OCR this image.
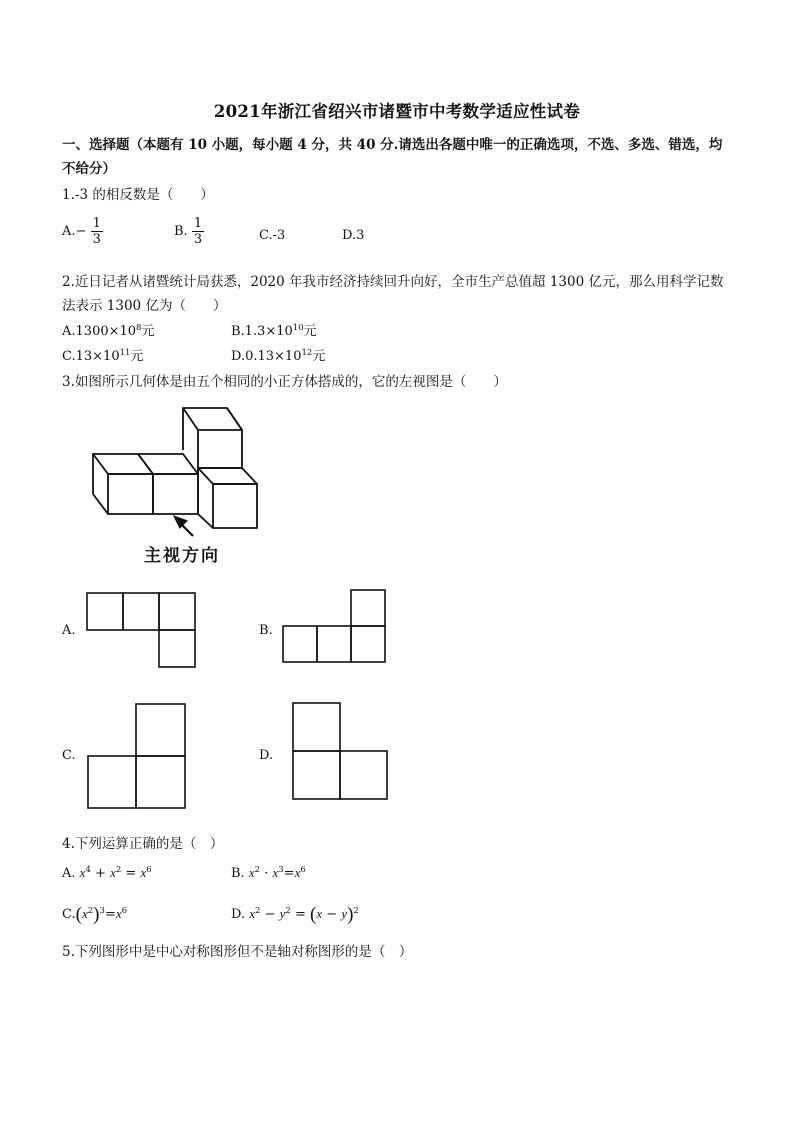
2021年浙江省绍兴市诸暨市中考数学适应性试卷
一、选择题（本题有 10 小题，每小题 4 分，共 40 分.请选出各题中唯一的正确选项，不选、多选、错选，均
不给分）
1.-3 的相反数是（　　）
$A.- \frac{1}{3}$	B. $\frac{1}{3}$	C.-3	D.3
2.近日记者从诸暨统计局获悉，2020 年我市经济持续回升向好，全市生产总值超 1300 亿元，那么用科学记数
法表示 1300 亿为（　　）
$A.1300\times 10^8$元	$B.1.3\times 10^{10}$元
$C.13\times 10^{11}$元	$D.0.13\times 10^{12}$元
3.如图所示几何体是由五个相同的小正方体搭成的，它的左视图是（　　）
主视方向
A.	B.
C.	D.
4.下列运算正确的是（　）
A. $x^4 + x^2 = x^6$	B. $x^2 \cdot x^3=x^6$
$C.(x^2)^3=x^6$	D. $x^2 - y^2 = (x - y)^2$
5.下列图形中是中心对称图形但不是轴对称图形的是（　）
